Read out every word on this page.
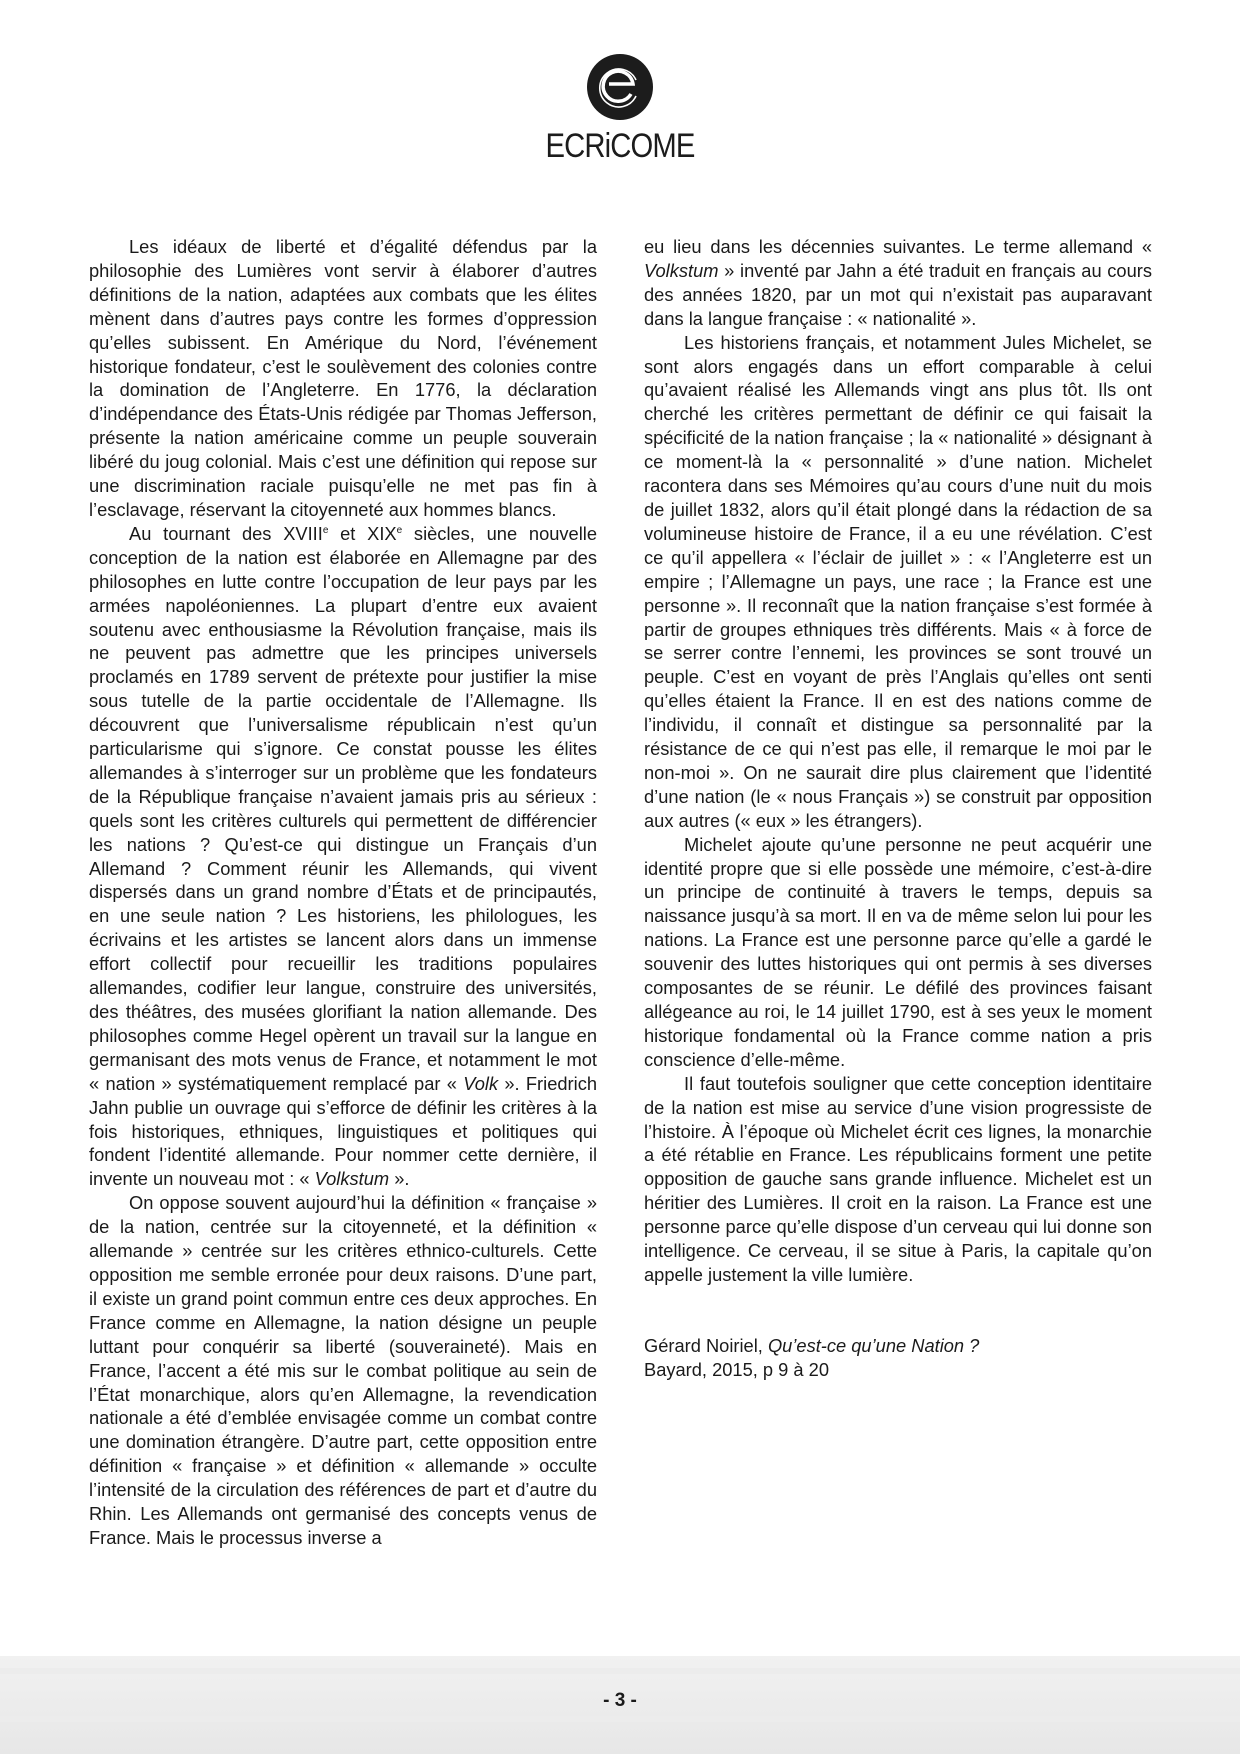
ECRiCOME

Les idéaux de liberté et d’égalité défendus par la philosophie des Lumières vont servir à élaborer d’autres définitions de la nation, adaptées aux combats que les élites mènent dans d’autres pays contre les formes d’oppression qu’elles subissent. En Amérique du Nord, l’événement historique fondateur, c’est le soulèvement des colonies contre la domination de l’Angleterre. En 1776, la déclaration d’indépendance des États-Unis rédigée par Thomas Jefferson, présente la nation américaine comme un peuple souverain libéré du joug colonial. Mais c’est une définition qui repose sur une discrimination raciale puisqu’elle ne met pas fin à l’esclavage, réservant la citoyenneté aux hommes blancs.

Au tournant des XVIIIe et XIXe siècles, une nouvelle conception de la nation est élaborée en Allemagne par des philosophes en lutte contre l’occupation de leur pays par les armées napoléoniennes. La plupart d’entre eux avaient soutenu avec enthousiasme la Révolution française, mais ils ne peuvent pas admettre que les principes universels proclamés en 1789 servent de prétexte pour justifier la mise sous tutelle de la partie occidentale de l’Allemagne. Ils découvrent que l’universalisme républicain n’est qu’un particularisme qui s’ignore. Ce constat pousse les élites allemandes à s’interroger sur un problème que les fondateurs de la République française n’avaient jamais pris au sérieux : quels sont les critères culturels qui permettent de différencier les nations ? Qu’est-ce qui distingue un Français d’un Allemand ? Comment réunir les Allemands, qui vivent dispersés dans un grand nombre d’États et de principautés, en une seule nation ? Les historiens, les philologues, les écrivains et les artistes se lancent alors dans un immense effort collectif pour recueillir les traditions populaires allemandes, codifier leur langue, construire des universités, des théâtres, des musées glorifiant la nation allemande. Des philosophes comme Hegel opèrent un travail sur la langue en germanisant des mots venus de France, et notamment le mot « nation » systématiquement remplacé par « Volk ». Friedrich Jahn publie un ouvrage qui s’efforce de définir les critères à la fois historiques, ethniques, linguistiques et politiques qui fondent l’identité allemande. Pour nommer cette dernière, il invente un nouveau mot : « Volkstum ».

On oppose souvent aujourd’hui la définition « française » de la nation, centrée sur la citoyenneté, et la définition « allemande » centrée sur les critères ethnico-culturels. Cette opposition me semble erronée pour deux raisons. D’une part, il existe un grand point commun entre ces deux approches. En France comme en Allemagne, la nation désigne un peuple luttant pour conquérir sa liberté (souveraineté). Mais en France, l’accent a été mis sur le combat politique au sein de l’État monarchique, alors qu’en Allemagne, la revendication nationale a été d’emblée envisagée comme un combat contre une domination étrangère. D’autre part, cette opposition entre définition « française » et définition « allemande » occulte l’intensité de la circulation des références de part et d’autre du Rhin. Les Allemands ont germanisé des concepts venus de France. Mais le processus inverse a

eu lieu dans les décennies suivantes. Le terme allemand « Volkstum » inventé par Jahn a été traduit en français au cours des années 1820, par un mot qui n’existait pas auparavant dans la langue française : « nationalité ».

Les historiens français, et notamment Jules Michelet, se sont alors engagés dans un effort comparable à celui qu’avaient réalisé les Allemands vingt ans plus tôt. Ils ont cherché les critères permettant de définir ce qui faisait la spécificité de la nation française ; la « nationalité » désignant à ce moment-là la « personnalité » d’une nation. Michelet racontera dans ses Mémoires qu’au cours d’une nuit du mois de juillet 1832, alors qu’il était plongé dans la rédaction de sa volumineuse histoire de France, il a eu une révélation. C’est ce qu’il appellera « l’éclair de juillet » : « l’Angleterre est un empire ; l’Allemagne un pays, une race ; la France est une personne ». Il reconnaît que la nation française s’est formée à partir de groupes ethniques très différents. Mais « à force de se serrer contre l’ennemi, les provinces se sont trouvé un peuple. C’est en voyant de près l’Anglais qu’elles ont senti qu’elles étaient la France. Il en est des nations comme de l’individu, il connaît et distingue sa personnalité par la résistance de ce qui n’est pas elle, il remarque le moi par le non-moi ». On ne saurait dire plus clairement que l’identité d’une nation (le « nous Français ») se construit par opposition aux autres (« eux » les étrangers).

Michelet ajoute qu’une personne ne peut acquérir une identité propre que si elle possède une mémoire, c’est-à-dire un principe de continuité à travers le temps, depuis sa naissance jusqu’à sa mort. Il en va de même selon lui pour les nations. La France est une personne parce qu’elle a gardé le souvenir des luttes historiques qui ont permis à ses diverses composantes de se réunir. Le défilé des provinces faisant allégeance au roi, le 14 juillet 1790, est à ses yeux le moment historique fondamental où la France comme nation a pris conscience d’elle-même.

Il faut toutefois souligner que cette conception identitaire de la nation est mise au service d’une vision progressiste de l’histoire. À l’époque où Michelet écrit ces lignes, la monarchie a été rétablie en France. Les républicains forment une petite opposition de gauche sans grande influence. Michelet est un héritier des Lumières. Il croit en la raison. La France est une personne parce qu’elle dispose d’un cerveau qui lui donne son intelligence. Ce cerveau, il se situe à Paris, la capitale qu’on appelle justement la ville lumière.

Gérard Noiriel, Qu’est-ce qu’une Nation ?
Bayard, 2015, p 9 à 20
- 3 -
